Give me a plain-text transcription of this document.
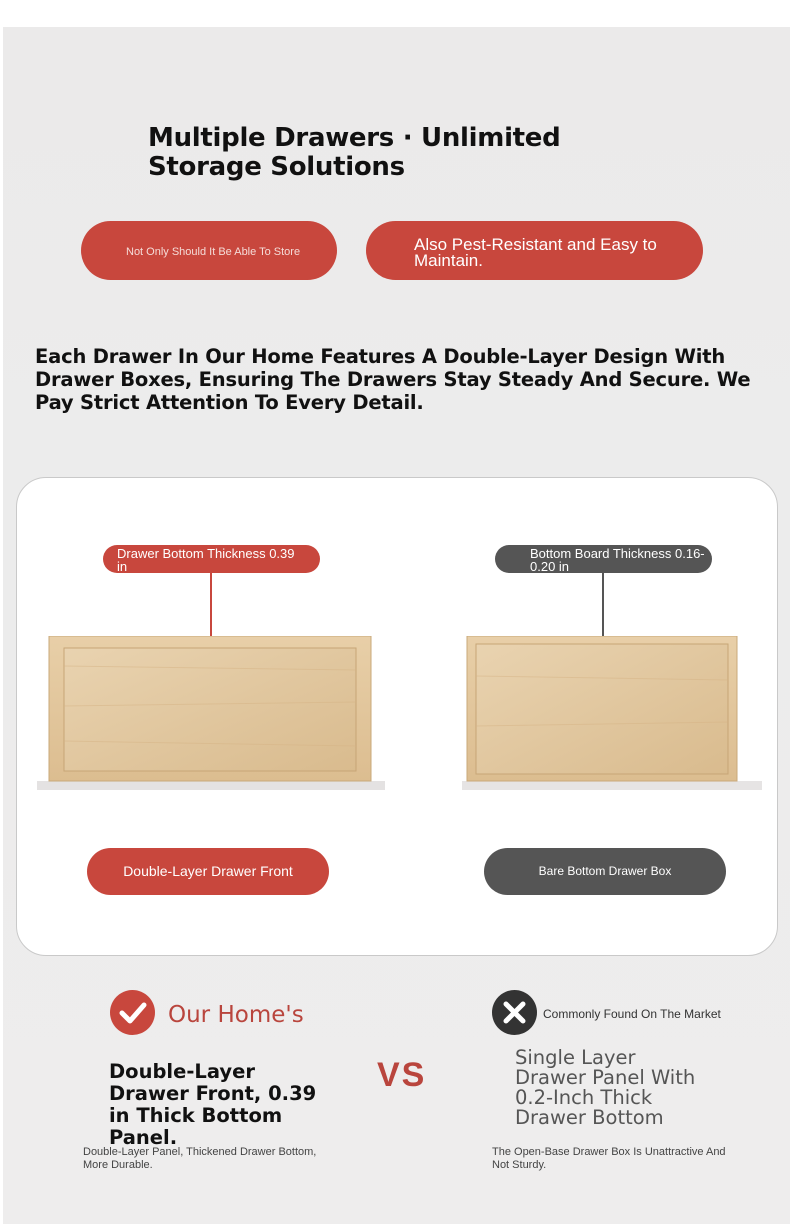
Multiple Drawers · Unlimited Storage Solutions
Not Only Should It Be Able To Store	Also Pest-Resistant and Easy to Maintain.
Each Drawer In Our Home Features A Double-Layer Design With Drawer Boxes, Ensuring The Drawers Stay Steady And Secure. We Pay Strict Attention To Every Detail.
Drawer Bottom Thickness 0.39 in
Bottom Board Thickness 0.16-0.20 in
Double-Layer Drawer Front	Bare Bottom Drawer Box
Our Home's	Commonly Found On The Market
Double-Layer Drawer Front, 0.39 in Thick Bottom Panel.
VS	Single Layer Drawer Panel With 0.2-Inch Thick Drawer Bottom
Double-Layer Panel, Thickened Drawer Bottom, More Durable.
The Open-Base Drawer Box Is Unattractive And Not Sturdy.
